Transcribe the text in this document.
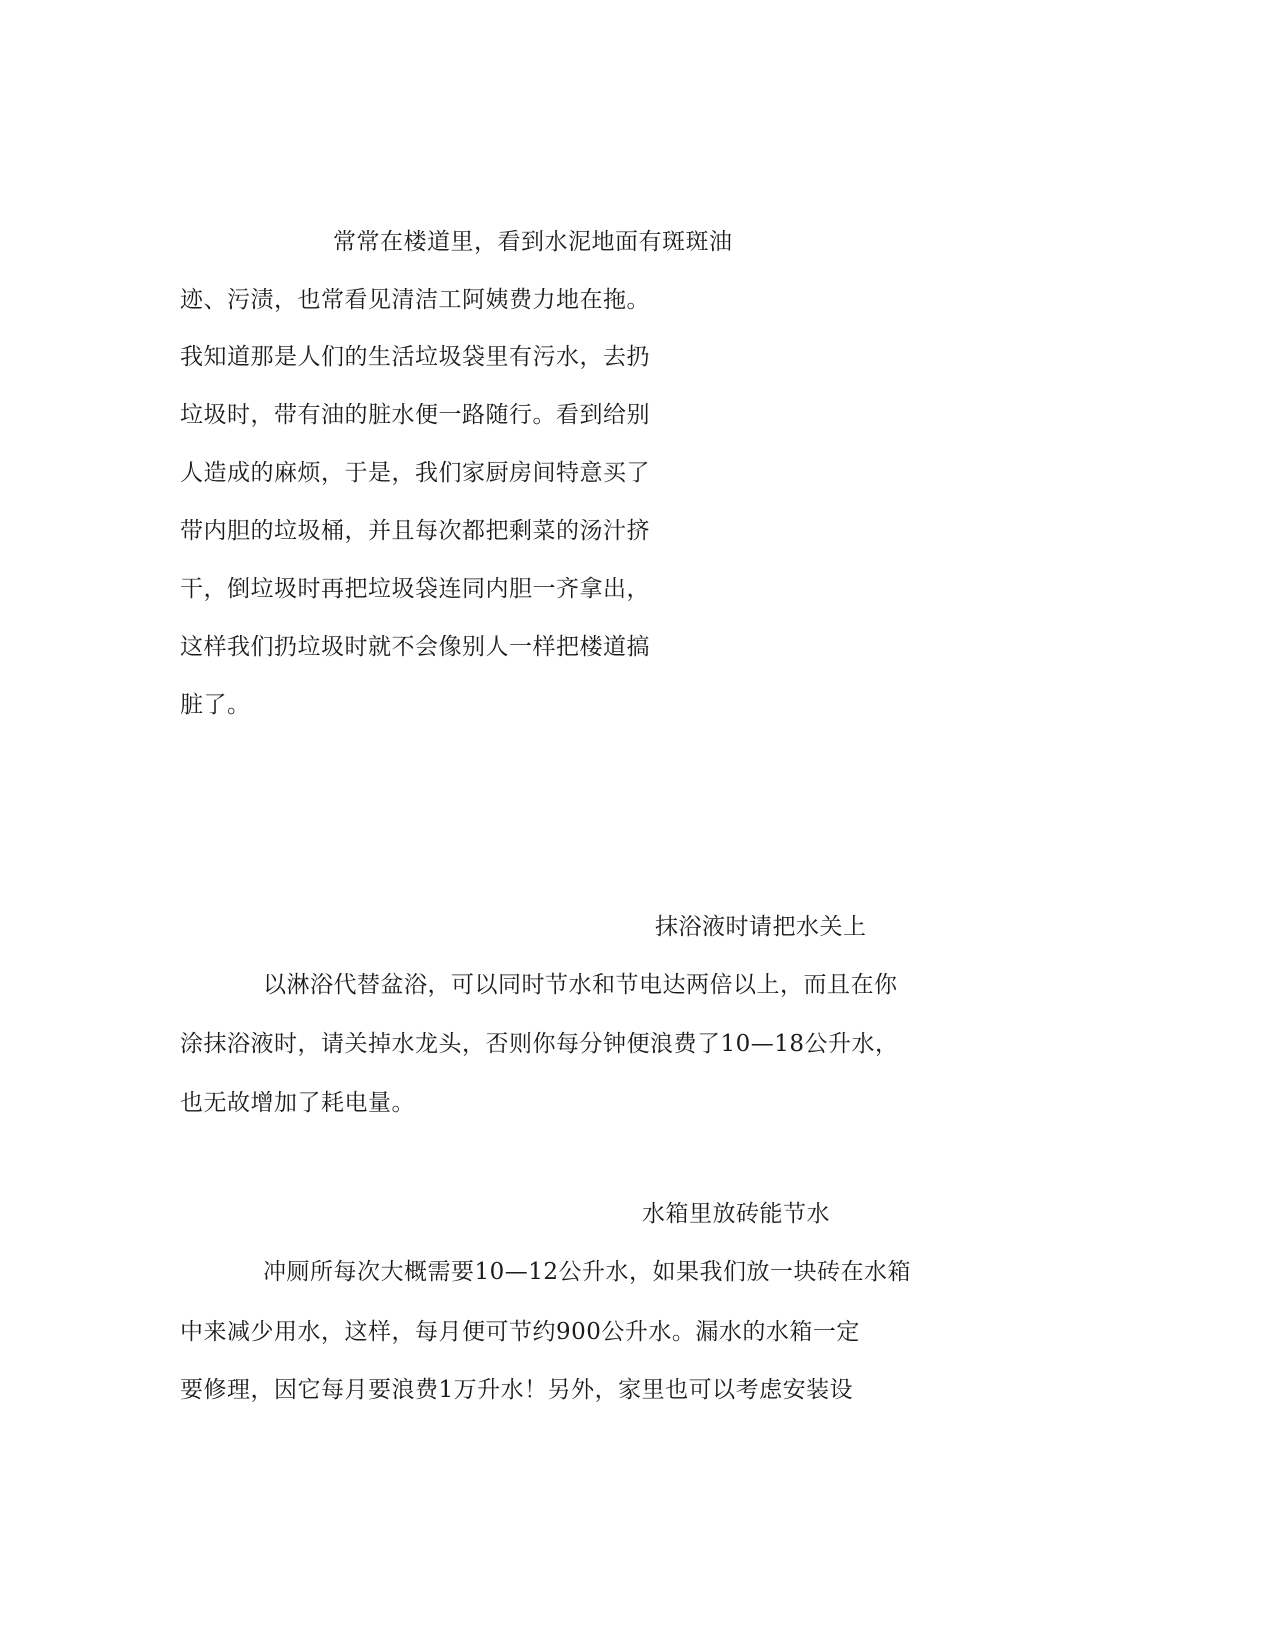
常常在楼道里，看到水泥地面有斑斑油
迹、污渍，也常看见清洁工阿姨费力地在拖。
我知道那是人们的生活垃圾袋里有污水，去扔
垃圾时，带有油的脏水便一路随行。看到给别
人造成的麻烦，于是，我们家厨房间特意买了
带内胆的垃圾桶，并且每次都把剩菜的汤汁挤
干，倒垃圾时再把垃圾袋连同内胆一齐拿出，
这样我们扔垃圾时就不会像别人一样把楼道搞
脏了。
抹浴液时请把水关上
以淋浴代替盆浴，可以同时节水和节电达两倍以上，而且在你
涂抹浴液时，请关掉水龙头，否则你每分钟便浪费了10—18公升水，
也无故增加了耗电量。
水箱里放砖能节水
冲厕所每次大概需要10—12公升水，如果我们放一块砖在水箱
中来减少用水，这样，每月便可节约900公升水。漏水的水箱一定
要修理，因它每月要浪费1万升水！另外，家里也可以考虑安装设
